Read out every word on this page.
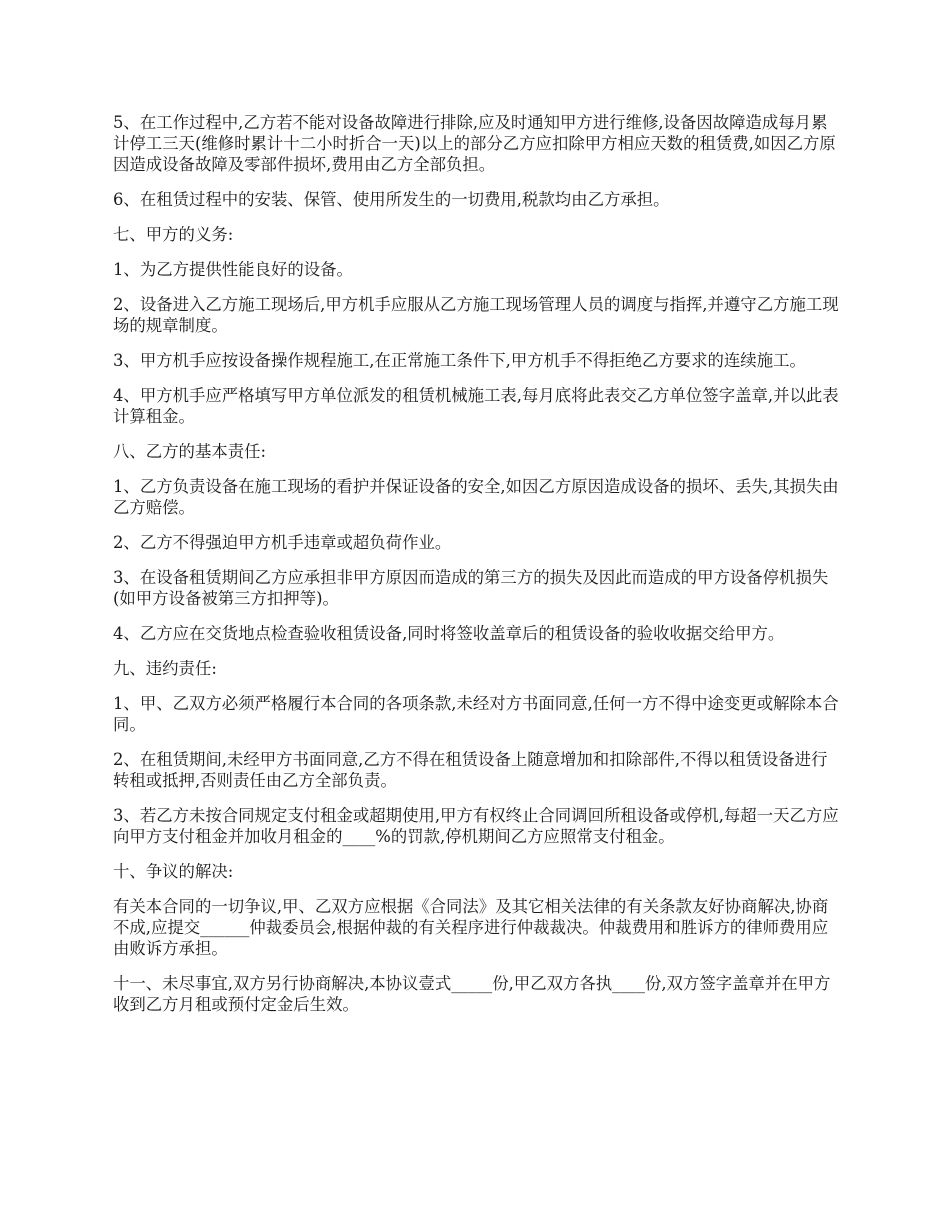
5、在工作过程中,乙方若不能对设备故障进行排除,应及时通知甲方进行维修,设备因故障造成每月累计停工三天(维修时累计十二小时折合一天)以上的部分乙方应扣除甲方相应天数的租赁费,如因乙方原因造成设备故障及零部件损坏,费用由乙方全部负担。

6、在租赁过程中的安装、保管、使用所发生的一切费用,税款均由乙方承担。

七、甲方的义务:

1、为乙方提供性能良好的设备。

2、设备进入乙方施工现场后,甲方机手应服从乙方施工现场管理人员的调度与指挥,并遵守乙方施工现场的规章制度。

3、甲方机手应按设备操作规程施工,在正常施工条件下,甲方机手不得拒绝乙方要求的连续施工。

4、甲方机手应严格填写甲方单位派发的租赁机械施工表,每月底将此表交乙方单位签字盖章,并以此表计算租金。

八、乙方的基本责任:

1、乙方负责设备在施工现场的看护并保证设备的安全,如因乙方原因造成设备的损坏、丢失,其损失由乙方赔偿。

2、乙方不得强迫甲方机手违章或超负荷作业。

3、在设备租赁期间乙方应承担非甲方原因而造成的第三方的损失及因此而造成的甲方设备停机损失(如甲方设备被第三方扣押等)。

4、乙方应在交货地点检查验收租赁设备,同时将签收盖章后的租赁设备的验收收据交给甲方。

九、违约责任:

1、甲、乙双方必须严格履行本合同的各项条款,未经对方书面同意,任何一方不得中途变更或解除本合同。

2、在租赁期间,未经甲方书面同意,乙方不得在租赁设备上随意增加和扣除部件,不得以租赁设备进行转租或抵押,否则责任由乙方全部负责。

3、若乙方未按合同规定支付租金或超期使用,甲方有权终止合同调回所租设备或停机,每超一天乙方应向甲方支付租金并加收月租金的____%的罚款,停机期间乙方应照常支付租金。

十、争议的解决:

有关本合同的一切争议,甲、乙双方应根据《合同法》及其它相关法律的有关条款友好协商解决,协商不成,应提交______仲裁委员会,根据仲裁的有关程序进行仲裁裁决。仲裁费用和胜诉方的律师费用应由败诉方承担。

十一、未尽事宜,双方另行协商解决,本协议壹式_____份,甲乙双方各执____份,双方签字盖章并在甲方收到乙方月租或预付定金后生效。
